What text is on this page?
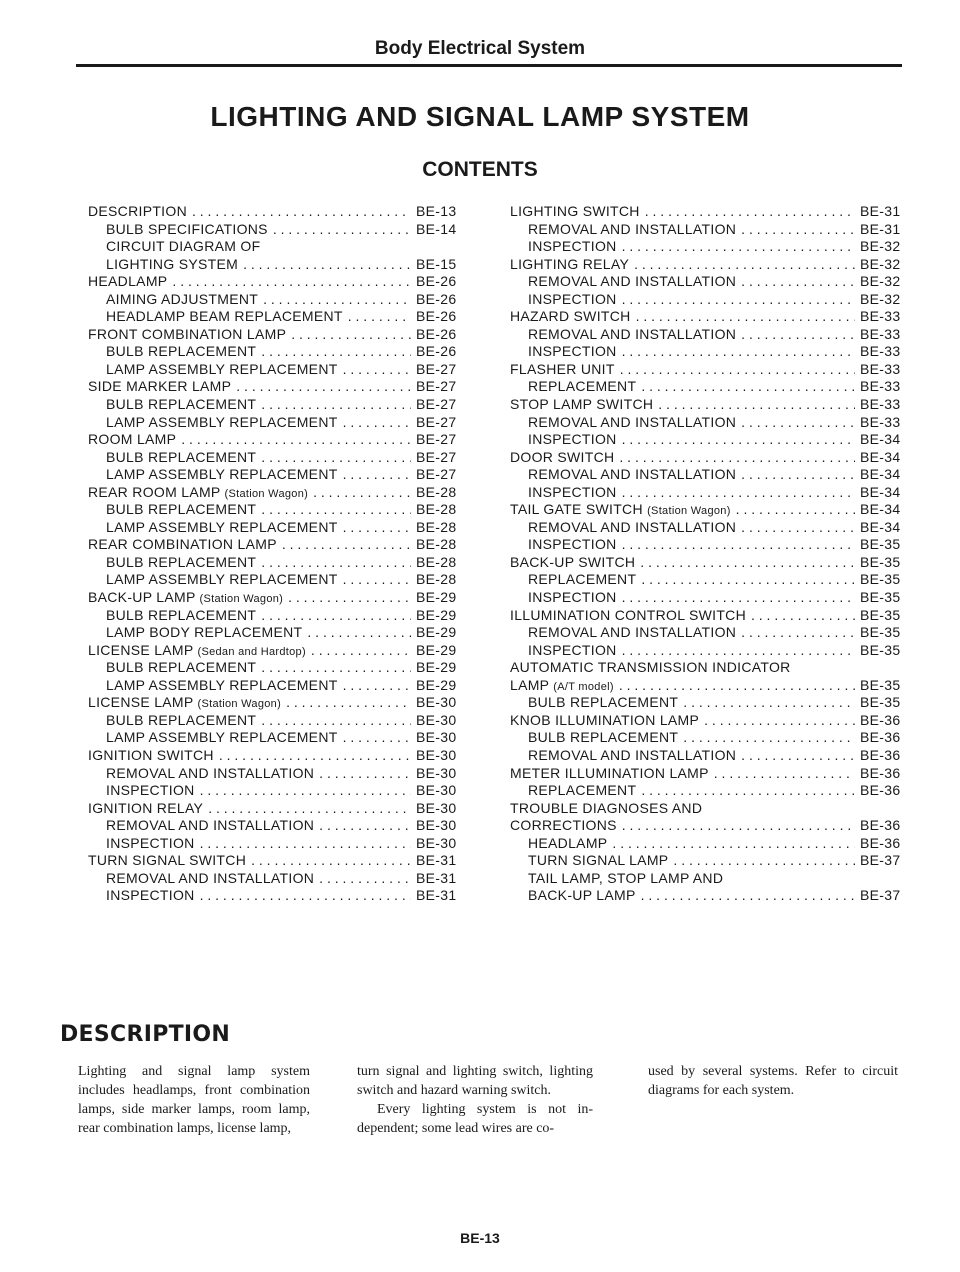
Body Electrical System
LIGHTING AND SIGNAL LAMP SYSTEM
CONTENTS
DESCRIPTION . . .	BE-13
BULB SPECIFICATIONS . . .	BE-14
CIRCUIT DIAGRAM OF
LIGHTING SYSTEM . . .	BE-15
HEADLAMP . . .	BE-26
AIMING ADJUSTMENT . . .	BE-26
HEADLAMP BEAM REPLACEMENT . . .	BE-26
FRONT COMBINATION LAMP . . .	BE-26
BULB REPLACEMENT . . .	BE-26
LAMP ASSEMBLY REPLACEMENT . . .	BE-27
SIDE MARKER LAMP . . .	BE-27
BULB REPLACEMENT . . .	BE-27
LAMP ASSEMBLY REPLACEMENT . . .	BE-27
ROOM LAMP . . .	BE-27
BULB REPLACEMENT . . .	BE-27
LAMP ASSEMBLY REPLACEMENT . . .	BE-27
REAR ROOM LAMP (Station Wagon) . . .	BE-28
BULB REPLACEMENT . . .	BE-28
LAMP ASSEMBLY REPLACEMENT . . .	BE-28
REAR COMBINATION LAMP . . .	BE-28
BULB REPLACEMENT . . .	BE-28
LAMP ASSEMBLY REPLACEMENT . . .	BE-28
BACK-UP LAMP (Station Wagon) . . .	BE-29
BULB REPLACEMENT . . .	BE-29
LAMP BODY REPLACEMENT . . .	BE-29
LICENSE LAMP (Sedan and Hardtop) . . .	BE-29
BULB REPLACEMENT . . .	BE-29
LAMP ASSEMBLY REPLACEMENT . . .	BE-29
LICENSE LAMP (Station Wagon) . . .	BE-30
BULB REPLACEMENT . . .	BE-30
LAMP ASSEMBLY REPLACEMENT . . .	BE-30
IGNITION SWITCH . . .	BE-30
REMOVAL AND INSTALLATION . . .	BE-30
INSPECTION . . .	BE-30
IGNITION RELAY . . .	BE-30
REMOVAL AND INSTALLATION . . .	BE-30
INSPECTION . . .	BE-30
TURN SIGNAL SWITCH . . .	BE-31
REMOVAL AND INSTALLATION . . .	BE-31
INSPECTION . . .	BE-31
LIGHTING SWITCH . . .	BE-31
REMOVAL AND INSTALLATION . . .	BE-31
INSPECTION . . .	BE-32
LIGHTING RELAY . . .	BE-32
REMOVAL AND INSTALLATION . . .	BE-32
INSPECTION . . .	BE-32
HAZARD SWITCH . . .	BE-33
REMOVAL AND INSTALLATION . . .	BE-33
INSPECTION . . .	BE-33
FLASHER UNIT . . .	BE-33
REPLACEMENT . . .	BE-33
STOP LAMP SWITCH . . .	BE-33
REMOVAL AND INSTALLATION . . .	BE-33
INSPECTION . . .	BE-34
DOOR SWITCH . . .	BE-34
REMOVAL AND INSTALLATION . . .	BE-34
INSPECTION . . .	BE-34
TAIL GATE SWITCH (Station Wagon) . . .	BE-34
REMOVAL AND INSTALLATION . . .	BE-34
INSPECTION . . .	BE-35
BACK-UP SWITCH . . .	BE-35
REPLACEMENT . . .	BE-35
INSPECTION . . .	BE-35
ILLUMINATION CONTROL SWITCH . . .	BE-35
REMOVAL AND INSTALLATION . . .	BE-35
INSPECTION . . .	BE-35
AUTOMATIC TRANSMISSION INDICATOR
LAMP (A/T model) . . .	BE-35
BULB REPLACEMENT . . .	BE-35
KNOB ILLUMINATION LAMP . . .	BE-36
BULB REPLACEMENT . . .	BE-36
REMOVAL AND INSTALLATION . . .	BE-36
METER ILLUMINATION LAMP . . .	BE-36
REPLACEMENT . . .	BE-36
TROUBLE DIAGNOSES AND
CORRECTIONS . . .	BE-36
HEADLAMP . . .	BE-36
TURN SIGNAL LAMP . . .	BE-37
TAIL LAMP, STOP LAMP AND
BACK-UP LAMP . . .	BE-37
DESCRIPTION

Lighting and signal lamp system includes headlamps, front combination lamps, side marker lamps, room lamp, rear combination lamps, license lamp,

turn signal and lighting switch, lighting switch and hazard warning switch.

Every lighting system is not in-dependent; some lead wires are co-

used by several systems. Refer to circuit diagrams for each system.

BE-13
